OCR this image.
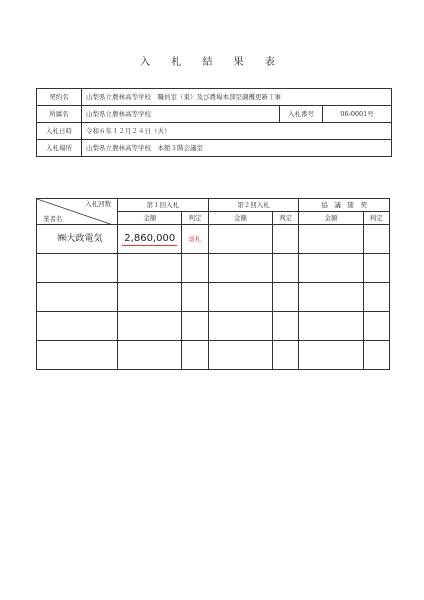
入 札 結 果 表
契約名	山梨県立農林高等学校　職員室（東）及び農場本部空調機更新工事		
所属名	山梨県立農林高等学校	入札番号	06-0001号
入札日時	令和６年１２月２４日（火）		
入札場所	山梨県立農林高等学校　本館３階会議室		
入札回数
業者名	第１回入札		第２回入札		協　議　随　契	
	金額	判定	金額	判定	金額	判定
㈱大政電気	2,860,000	落札				
